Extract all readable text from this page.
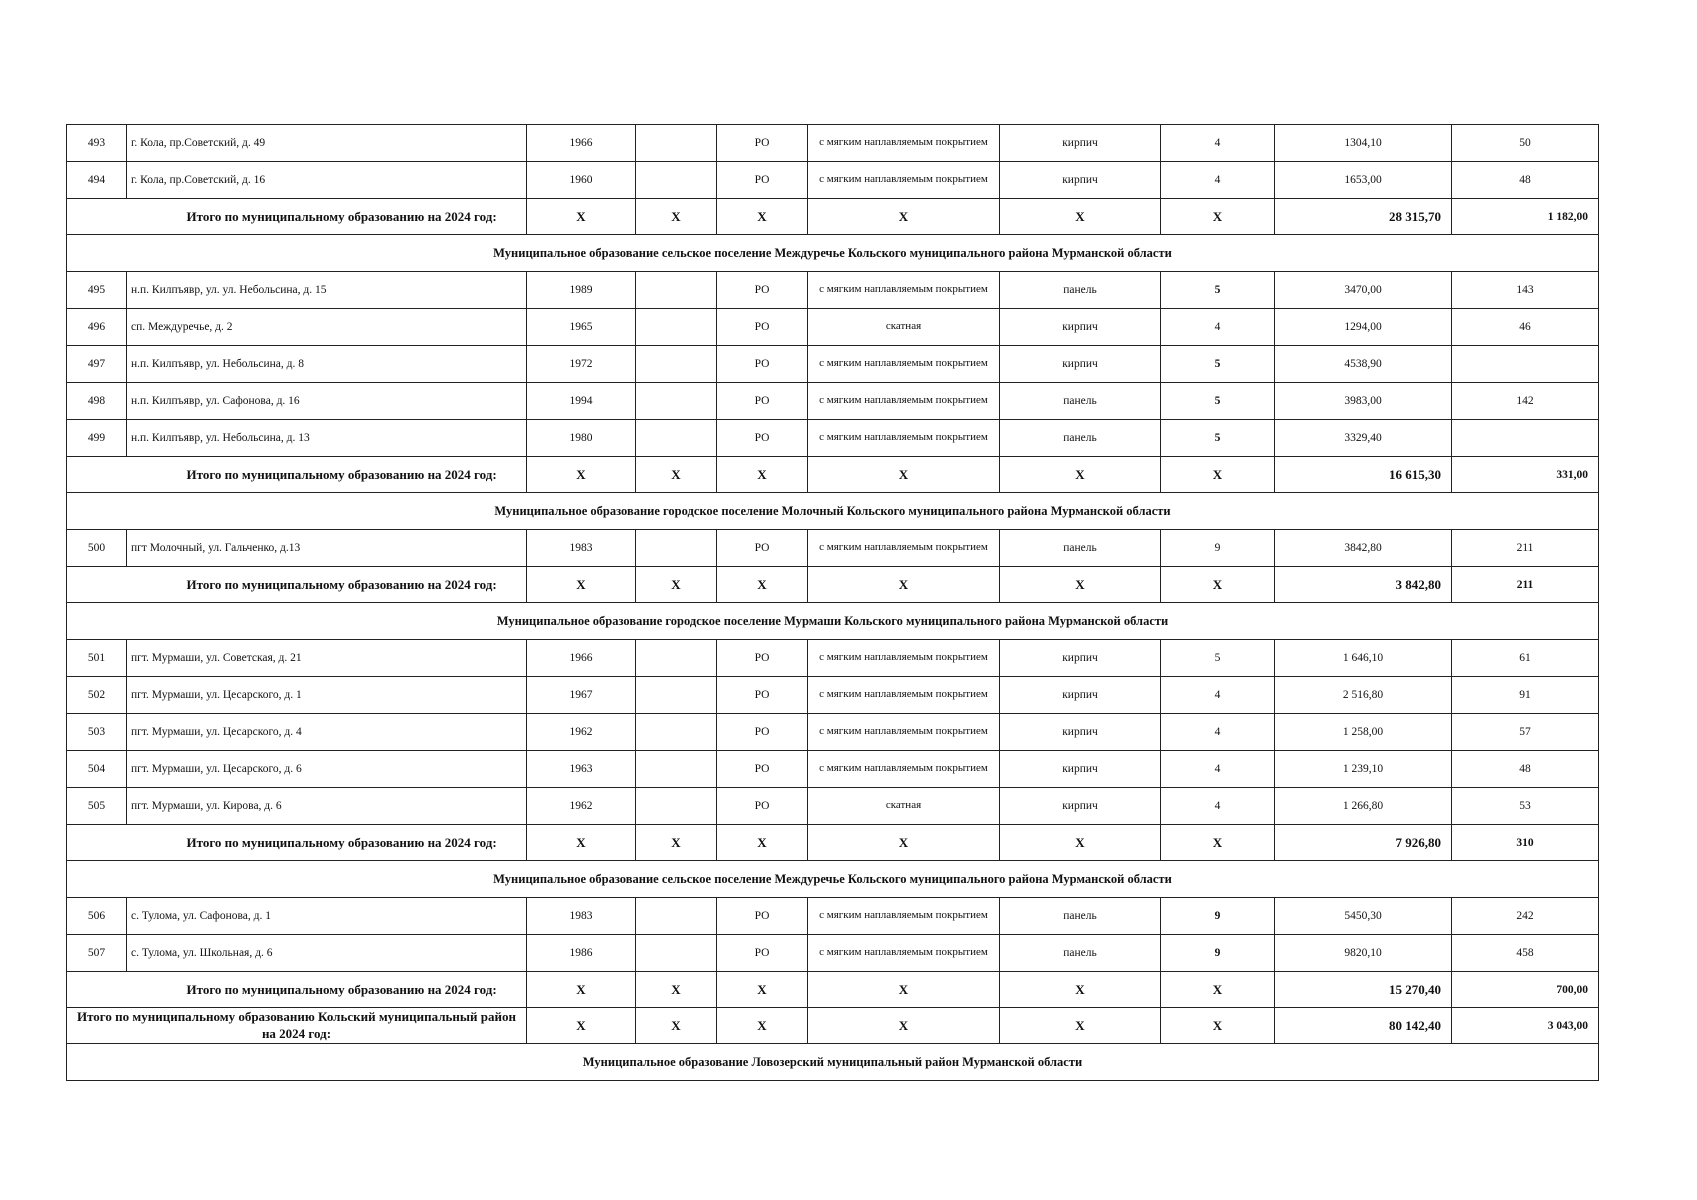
493	г. Кола, пр.Советский, д. 49	1966		РО	с мягким наплавляемым покрытием	кирпич	4	1304,10	50
494	г. Кола, пр.Советский, д. 16	1960		РО	с мягким наплавляемым покрытием	кирпич	4	1653,00	48
	Итого по муниципальному образованию на 2024 год:	X	X	X	X	X	X	28 315,70	1 182,00
Муниципальное образование сельское поселение Междуречье Кольского муниципального района Мурманской области									
495	н.п. Килпъявр, ул. ул. Небольсина, д. 15	1989		РО	с мягким наплавляемым покрытием	панель	5	3470,00	143
496	сп. Междуречье, д. 2	1965		РО	скатная	кирпич	4	1294,00	46
497	н.п. Килпъявр, ул. Небольсина, д. 8	1972		РО	с мягким наплавляемым покрытием	кирпич	5	4538,90	
498	н.п. Килпъявр, ул. Сафонова, д. 16	1994		РО	с мягким наплавляемым покрытием	панель	5	3983,00	142
499	н.п. Килпъявр, ул. Небольсина, д. 13	1980		РО	с мягким наплавляемым покрытием	панель	5	3329,40	
	Итого по муниципальному образованию на 2024 год:	X	X	X	X	X	X	16 615,30	331,00
Муниципальное образование городское поселение Молочный Кольского муниципального района Мурманской области									
500	пгт Молочный, ул. Гальченко, д.13	1983		РО	с мягким наплавляемым покрытием	панель	9	3842,80	211
	Итого по муниципальному образованию на 2024 год:	X	X	X	X	X	X	3 842,80	211
Муниципальное образование городское поселение Мурмаши Кольского муниципального района Мурманской области									
501	пгт. Мурмаши, ул. Советская, д. 21	1966		РО	с мягким наплавляемым покрытием	кирпич	5	1 646,10	61
502	пгт. Мурмаши, ул. Цесарского, д. 1	1967		РО	с мягким наплавляемым покрытием	кирпич	4	2 516,80	91
503	пгт. Мурмаши, ул. Цесарского, д. 4	1962		РО	с мягким наплавляемым покрытием	кирпич	4	1 258,00	57
504	пгт. Мурмаши, ул. Цесарского, д. 6	1963		РО	с мягким наплавляемым покрытием	кирпич	4	1 239,10	48
505	пгт. Мурмаши, ул. Кирова, д. 6	1962		РО	скатная	кирпич	4	1 266,80	53
	Итого по муниципальному образованию на 2024 год:	X	X	X	X	X	X	7 926,80	310
Муниципальное образование сельское поселение Междуречье Кольского муниципального района Мурманской области									
506	с. Тулома, ул. Сафонова, д. 1	1983		РО	с мягким наплавляемым покрытием	панель	9	5450,30	242
507	с. Тулома, ул. Школьная, д. 6	1986		РО	с мягким наплавляемым покрытием	панель	9	9820,10	458
	Итого по муниципальному образованию на 2024 год:	X	X	X	X	X	X	15 270,40	700,00
Итого по муниципальному образованию Кольский муниципальный район на 2024 год:		X	X	X	X	X	X	80 142,40	3 043,00
Муниципальное образование Ловозерский муниципальный район Мурманской области									
